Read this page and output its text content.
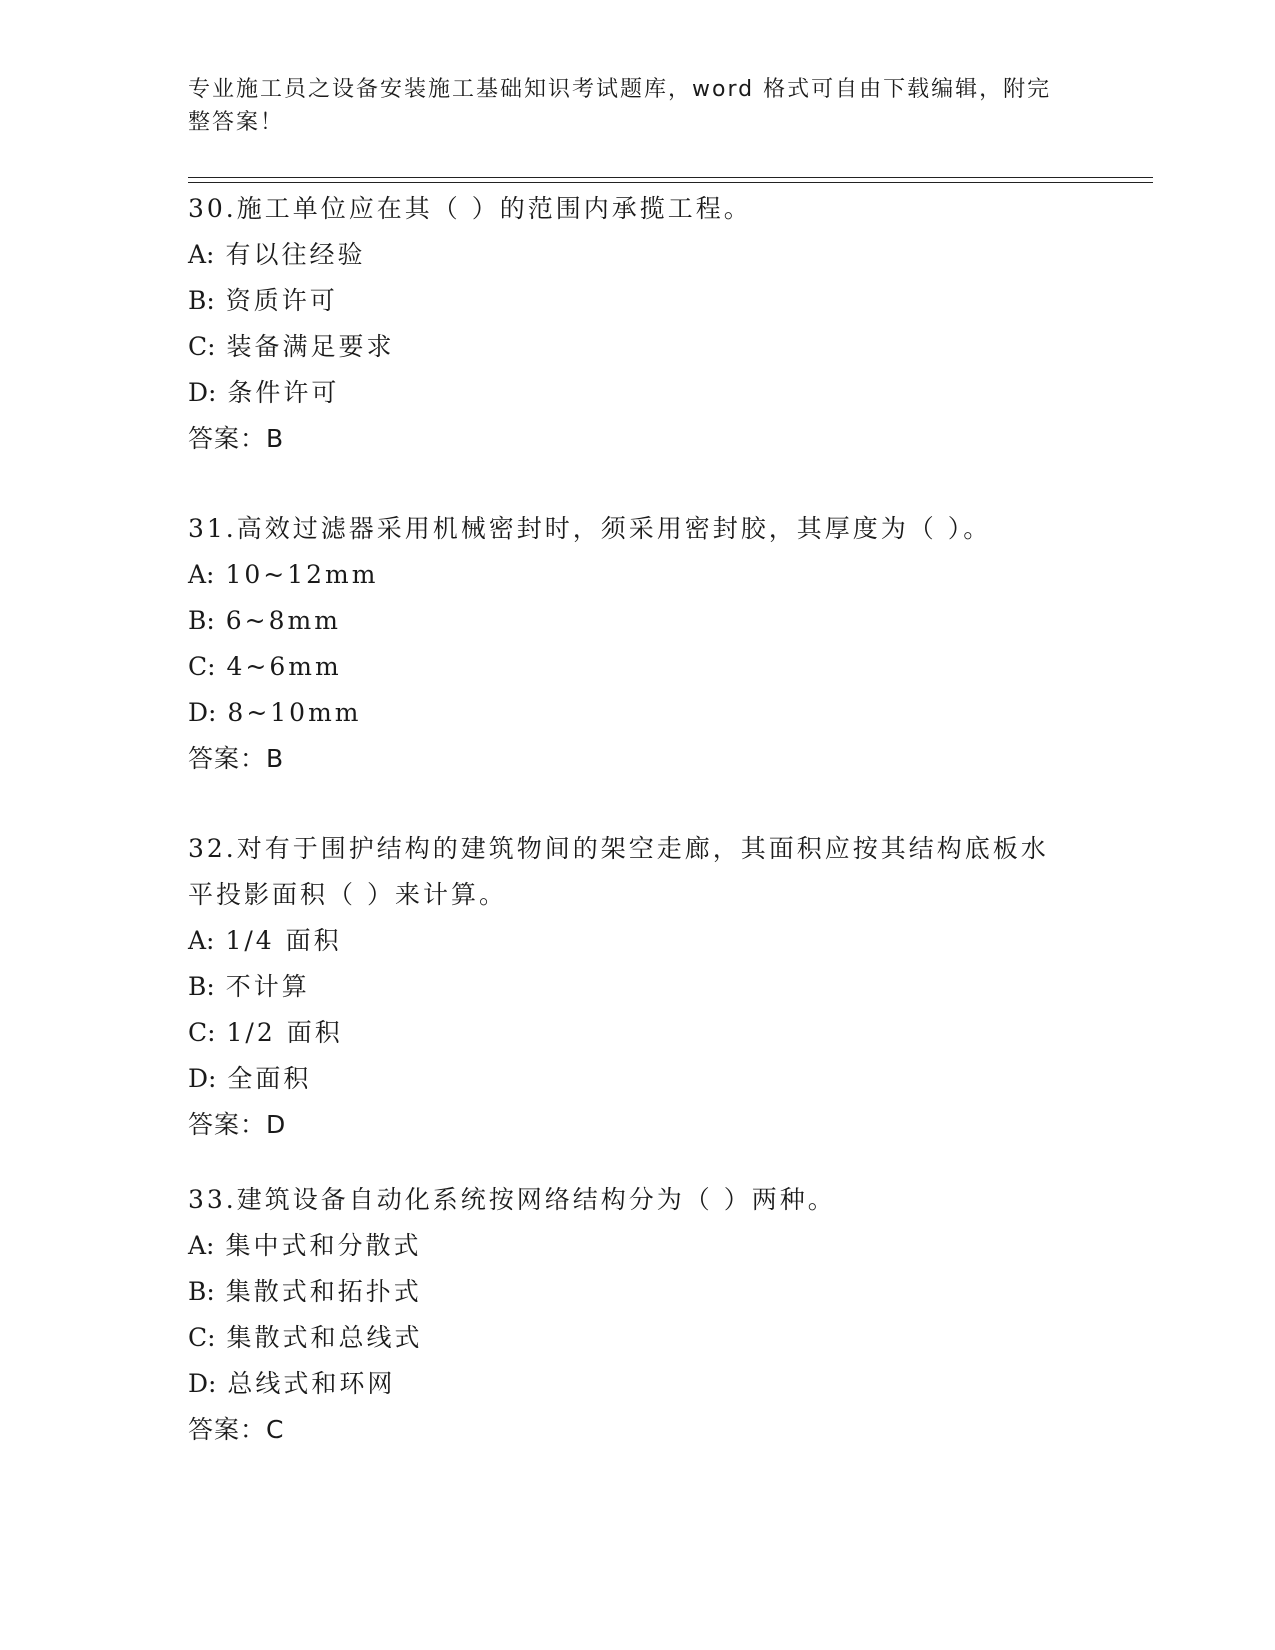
专业施工员之设备安装施工基础知识考试题库，word 格式可自由下载编辑，附完
整答案！
30.施工单位应在其（ ）的范围内承揽工程。
A: 有以往经验
B: 资质许可
C: 装备满足要求
D: 条件许可
答案：B
31.高效过滤器采用机械密封时，须采用密封胶，其厚度为（ ）。
A: 10~12mm
B: 6~8mm
C: 4~6mm
D: 8~10mm
答案：B
32.对有于围护结构的建筑物间的架空走廊，其面积应按其结构底板水
平投影面积（ ）来计算。
A: 1/4 面积
B: 不计算
C: 1/2 面积
D: 全面积
答案：D
33.建筑设备自动化系统按网络结构分为（ ）两种。
A: 集中式和分散式
B: 集散式和拓扑式
C: 集散式和总线式
D: 总线式和环网
答案：C
